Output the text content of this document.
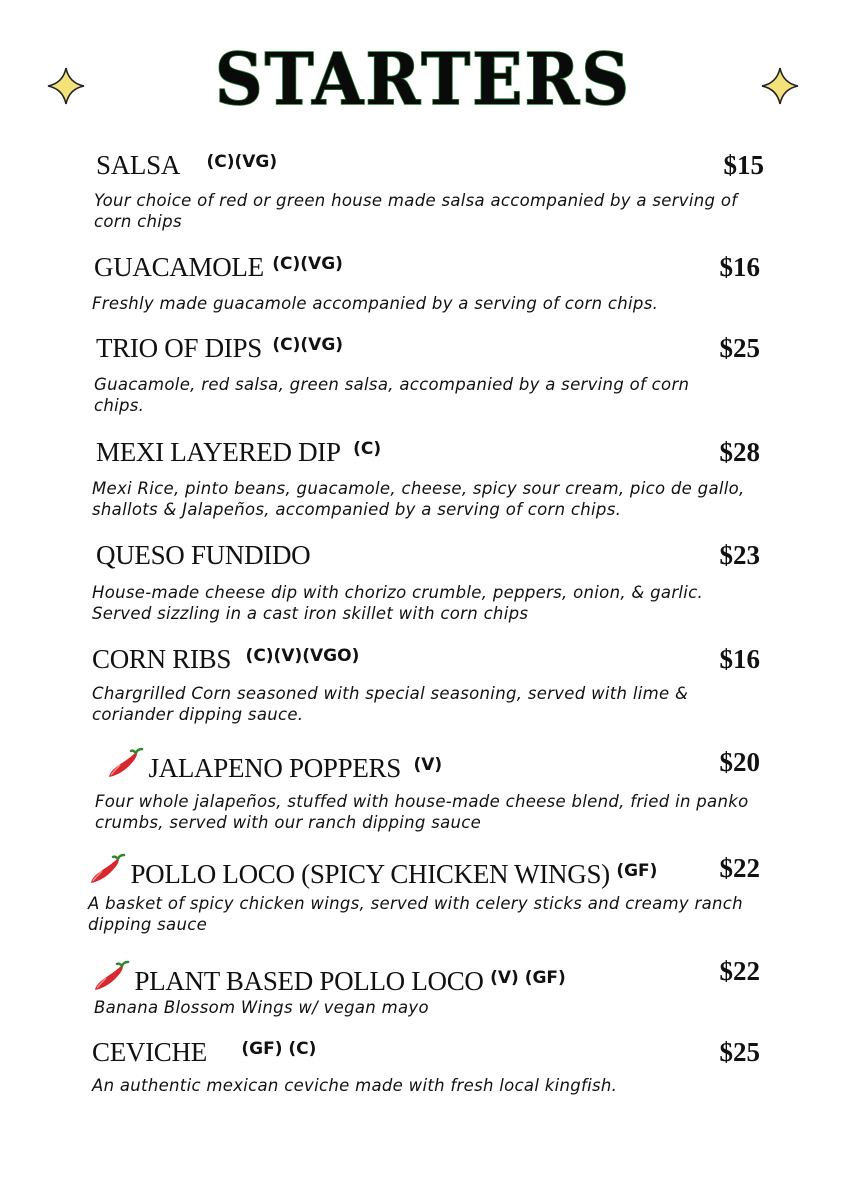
STARTERS
SALSA (C)(VG)	$15
Your choice of red or green house made salsa accompanied by a serving of corn chips
GUACAMOLE (C)(VG)	$16
Freshly made guacamole accompanied by a serving of corn chips.
TRIO OF DIPS (C)(VG)	$25
Guacamole, red salsa, green salsa, accompanied by a serving of corn chips.
MEXI LAYERED DIP (C)	$28
Mexi Rice, pinto beans, guacamole, cheese, spicy sour cream, pico de gallo, shallots & Jalapeños, accompanied by a serving of corn chips.
QUESO FUNDIDO	$23
House-made cheese dip with chorizo crumble, peppers, onion, & garlic. Served sizzling in a cast iron skillet with corn chips
CORN RIBS (C)(V)(VGO)	$16
Chargrilled Corn seasoned with special seasoning, served with lime & coriander dipping sauce.
JALAPENO POPPERS (V)	$20
Four whole jalapeños, stuffed with house-made cheese blend, fried in panko crumbs, served with our ranch dipping sauce
POLLO LOCO (SPICY CHICKEN WINGS) (GF) $22
A basket of spicy chicken wings, served with celery sticks and creamy ranch dipping sauce
PLANT BASED POLLO LOCO (V) (GF)	$22
Banana Blossom Wings w/ vegan mayo
CEVICHE (GF) (C)	$25
An authentic mexican ceviche made with fresh local kingfish.
